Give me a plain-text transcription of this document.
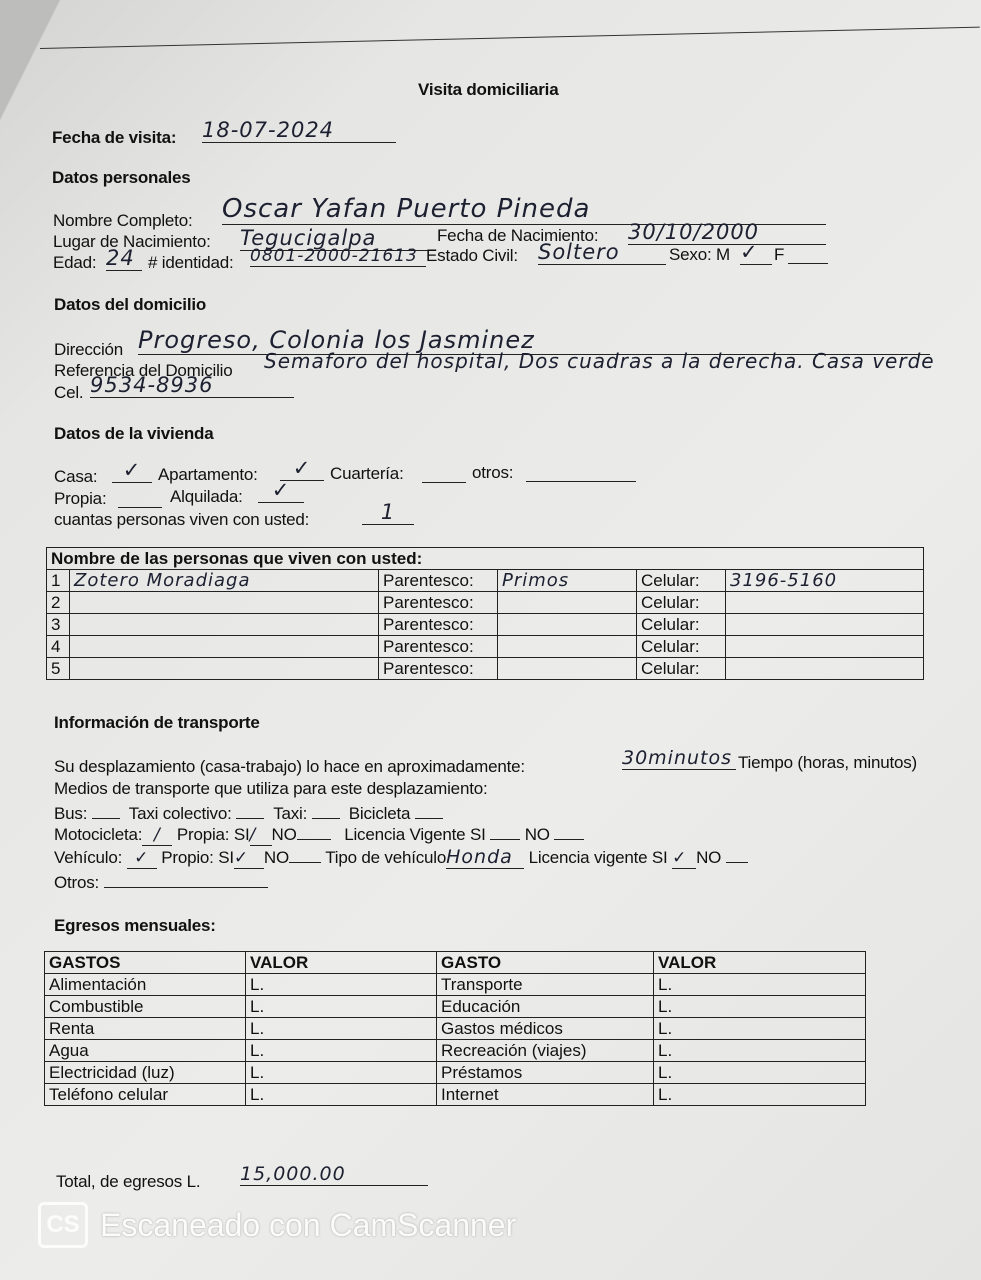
Visita domiciliaria
Fecha de visita: 18-07-2024
Datos personales
Nombre Completo: Oscar Yafan Puerto Pineda
Lugar de Nacimiento: Tegucigalpa	Fecha de Nacimiento: 30/10/2000
Edad: 24 # identidad: 0801-2000-21613 Estado Civil: Soltero	Sexo: M ✓ F
Datos del domicilio
Dirección Progreso, Colonia los Jasminez
Referencia del Domicilio Semaforo del hospital, Dos cuadras a la derecha. Casa verde
Cel. 9534-8936
Datos de la vivienda
Casa:	✓ Apartamento:	✓	Cuartería:	otros:
Propia:	Alquilada:	✓
cuantas personas viven con usted:	1
Nombre de las personas que viven con usted:					
1	Zotero Moradiaga	Parentesco:	Primos	Celular:	3196-5160
2		Parentesco:		Celular:	
3		Parentesco:		Celular:	
4		Parentesco:		Celular:	
5		Parentesco:		Celular:	
Información de transporte
Su desplazamiento (casa-trabajo) lo hace en aproximadamente:	30minutos Tiempo (horas, minutos)
Medios de transporte que utiliza para este desplazamiento:
Bus: Taxi colectivo: Taxi: Bicicleta
Motocicleta: / Propia: SI/ NO	Licencia Vigente SI NO
Vehículo: ✓ Propio: SI✓ NO Tipo de vehículoHonda Licencia vigente SI ✓ NO
Otros:
Egresos mensuales:
GASTOS	VALOR	GASTO	VALOR
Alimentación	L.	Transporte	L.
Combustible	L.	Educación	L.
Renta	L.	Gastos médicos	L.
Agua	L.	Recreación (viajes)	L.
Electricidad (luz)	L.	Préstamos	L.
Teléfono celular	L.	Internet	L.
Total, de egresos L. 15,000.00
CS Escaneado con CamScanner
